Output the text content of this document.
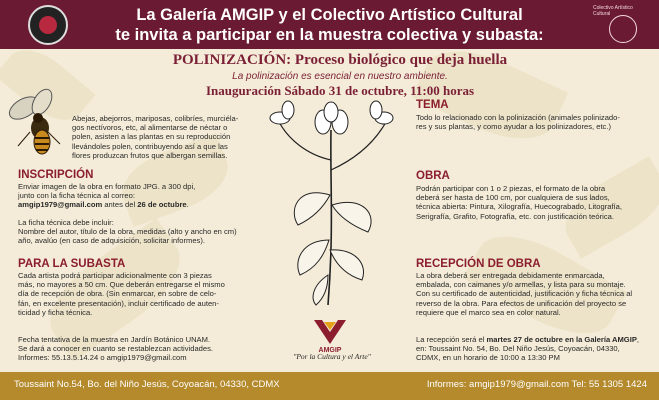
La Galería AMGIP y el Colectivo Artístico Cultural
te invita a participar en la muestra colectiva y subasta:
Colectivo Artístico Cultural
POLINIZACIÓN: Proceso biológico que deja huella
La polinización es esencial en nuestro ambiente.
Inauguración Sábado 31 de octubre, 11:00 horas
Abejas, abejorros, mariposas, colibríes, murciéla-
gos nectívoros, etc, al alimentarse de néctar o
polen, asisten a las plantas en su reproducción
llevándoles polen, contribuyendo así a que las
flores produzcan frutos que albergan semillas.
INSCRIPCIÓN
Enviar imagen de la obra en formato JPG. a 300 dpi,
junto con la ficha técnica al correo:
amgip1979@gmail.com antes del 26 de octubre.
La ficha técnica debe incluir:
Nombre del autor, título de la obra, medidas (alto y ancho en cm)
año, avalúo (en caso de adquisición, solicitar informes).
PARA LA SUBASTA
Cada artista podrá participar adicionalmente con 3 piezas
más, no mayores a 50 cm. Que deberán entregarse el mismo
día de recepción de obra. (Sin enmarcar, en sobre de celo-
fán, en excelente presentación), incluir certificado de auten-
ticidad y ficha técnica.
Fecha tentativa de la muestra en Jardín Botánico UNAM.
Se dará a conocer en cuanto se restablezcan actividades.
Informes: 55.13.5.14.24 o amgip1979@gmail.com
TEMA
Todo lo relacionado con la polinización (animales polinizado-
res y sus plantas, y como ayudar a los polinizadores, etc.)
OBRA
Podrán participar con 1 o 2 piezas, el formato de la obra
deberá ser hasta de 100 cm, por cualquiera de sus lados,
técnica abierta: Pintura, Xilografía, Huecograbado, Litografía,
Serigrafía, Grafito, Fotografía, etc. con justificación teórica.
RECEPCIÓN DE OBRA
La obra deberá ser entregada debidamente enmarcada,
embalada, con caimanes y/o armellas, y lista para su montaje.
Con su certificado de autenticidad, justificación y ficha técnica al
reverso de la obra. Para efectos de unificación del proyecto se
requiere que el marco sea en color natural.
La recepción será el martes 27 de octubre en la Galería AMGIP,
en: Toussaint No. 54, Bo. Del Niño Jesús, Coyoacán, 04330,
CDMX, en un horario de 10:00 a 13:30 PM
AMGIP
"Por la Cultura y el Arte"
Toussaint No.54, Bo. del Niño Jesús, Coyoacán, 04330, CDMX	Informes: amgip1979@gmail.com Tel: 55 1305 1424
